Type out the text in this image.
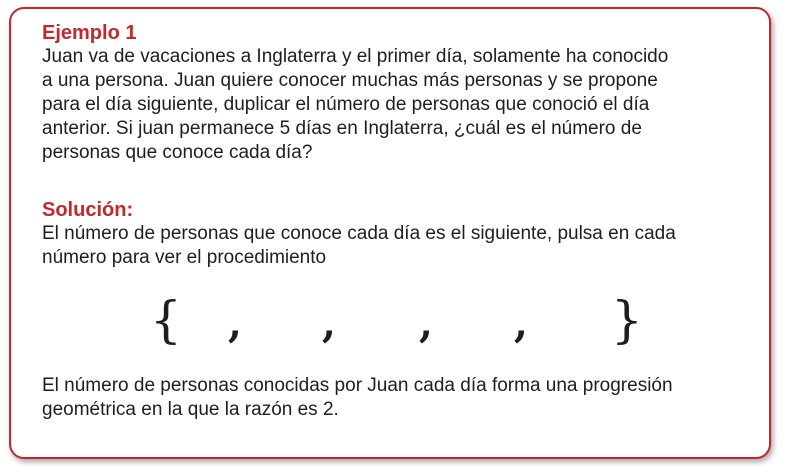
Ejemplo 1
Juan va de vacaciones a Inglaterra y el primer día, solamente ha conocido
a una persona. Juan quiere conocer muchas más personas y se propone
para el día siguiente, duplicar el número de personas que conoció el día
anterior. Si juan permanece 5 días en Inglaterra, ¿cuál es el número de
personas que conoce cada día?
Solución:
El número de personas que conoce cada día es el siguiente, pulsa en cada
número para ver el procedimiento
{ , , , , }
El número de personas conocidas por Juan cada día forma una progresión
geométrica en la que la razón es 2.
